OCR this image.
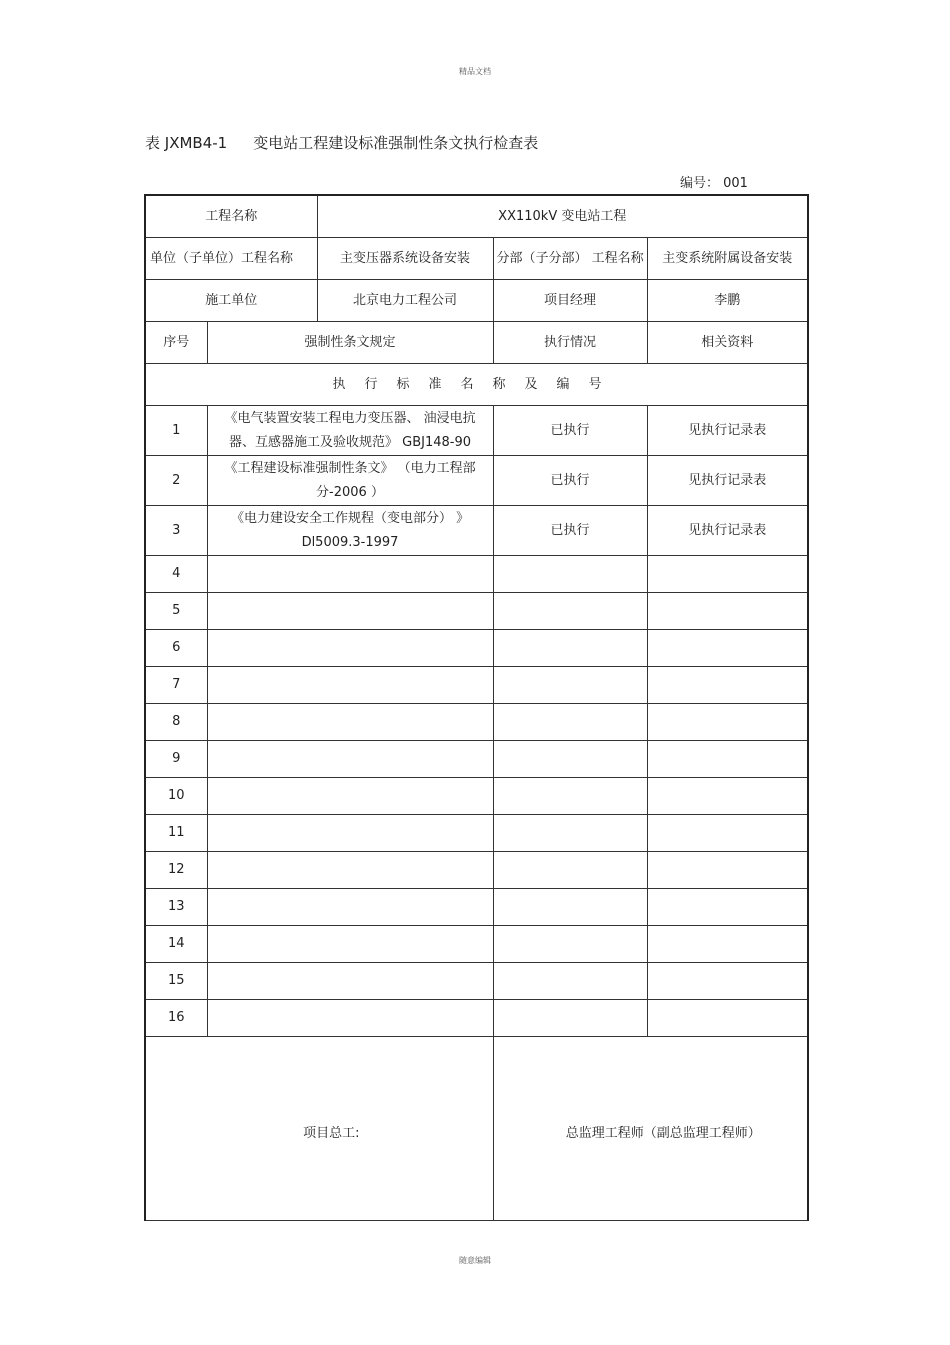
精品文档
表 JXMB4-1 变电站工程建设标准强制性条文执行检查表
编号： 001
工程名称		XX110kV 变电站工程		
单位（子单位）工程名称		主变压器系统设备安装	分部（子分部） 工程名称	主变系统附属设备安装
施工单位		北京电力工程公司	项目经理	李鹏
序号	强制性条文规定		执行情况	相关资料
执行标准名称及编号				
1	《电气装置安装工程电力变压器、 油浸电抗器、互感器施工及验收规范》 GBJ148-90		已执行	见执行记录表
2	《工程建设标准强制性条文》 （电力工程部分-2006 ）		已执行	见执行记录表
3	《电力建设安全工作规程（变电部分） 》 Dl5009.3-1997		已执行	见执行记录表
4				
5				
6				
7				
8				
9				
10				
11				
12				
13				
14				
15				
16				

项目总工:			总监理工程师（副总监理工程师）	
随意编辑
